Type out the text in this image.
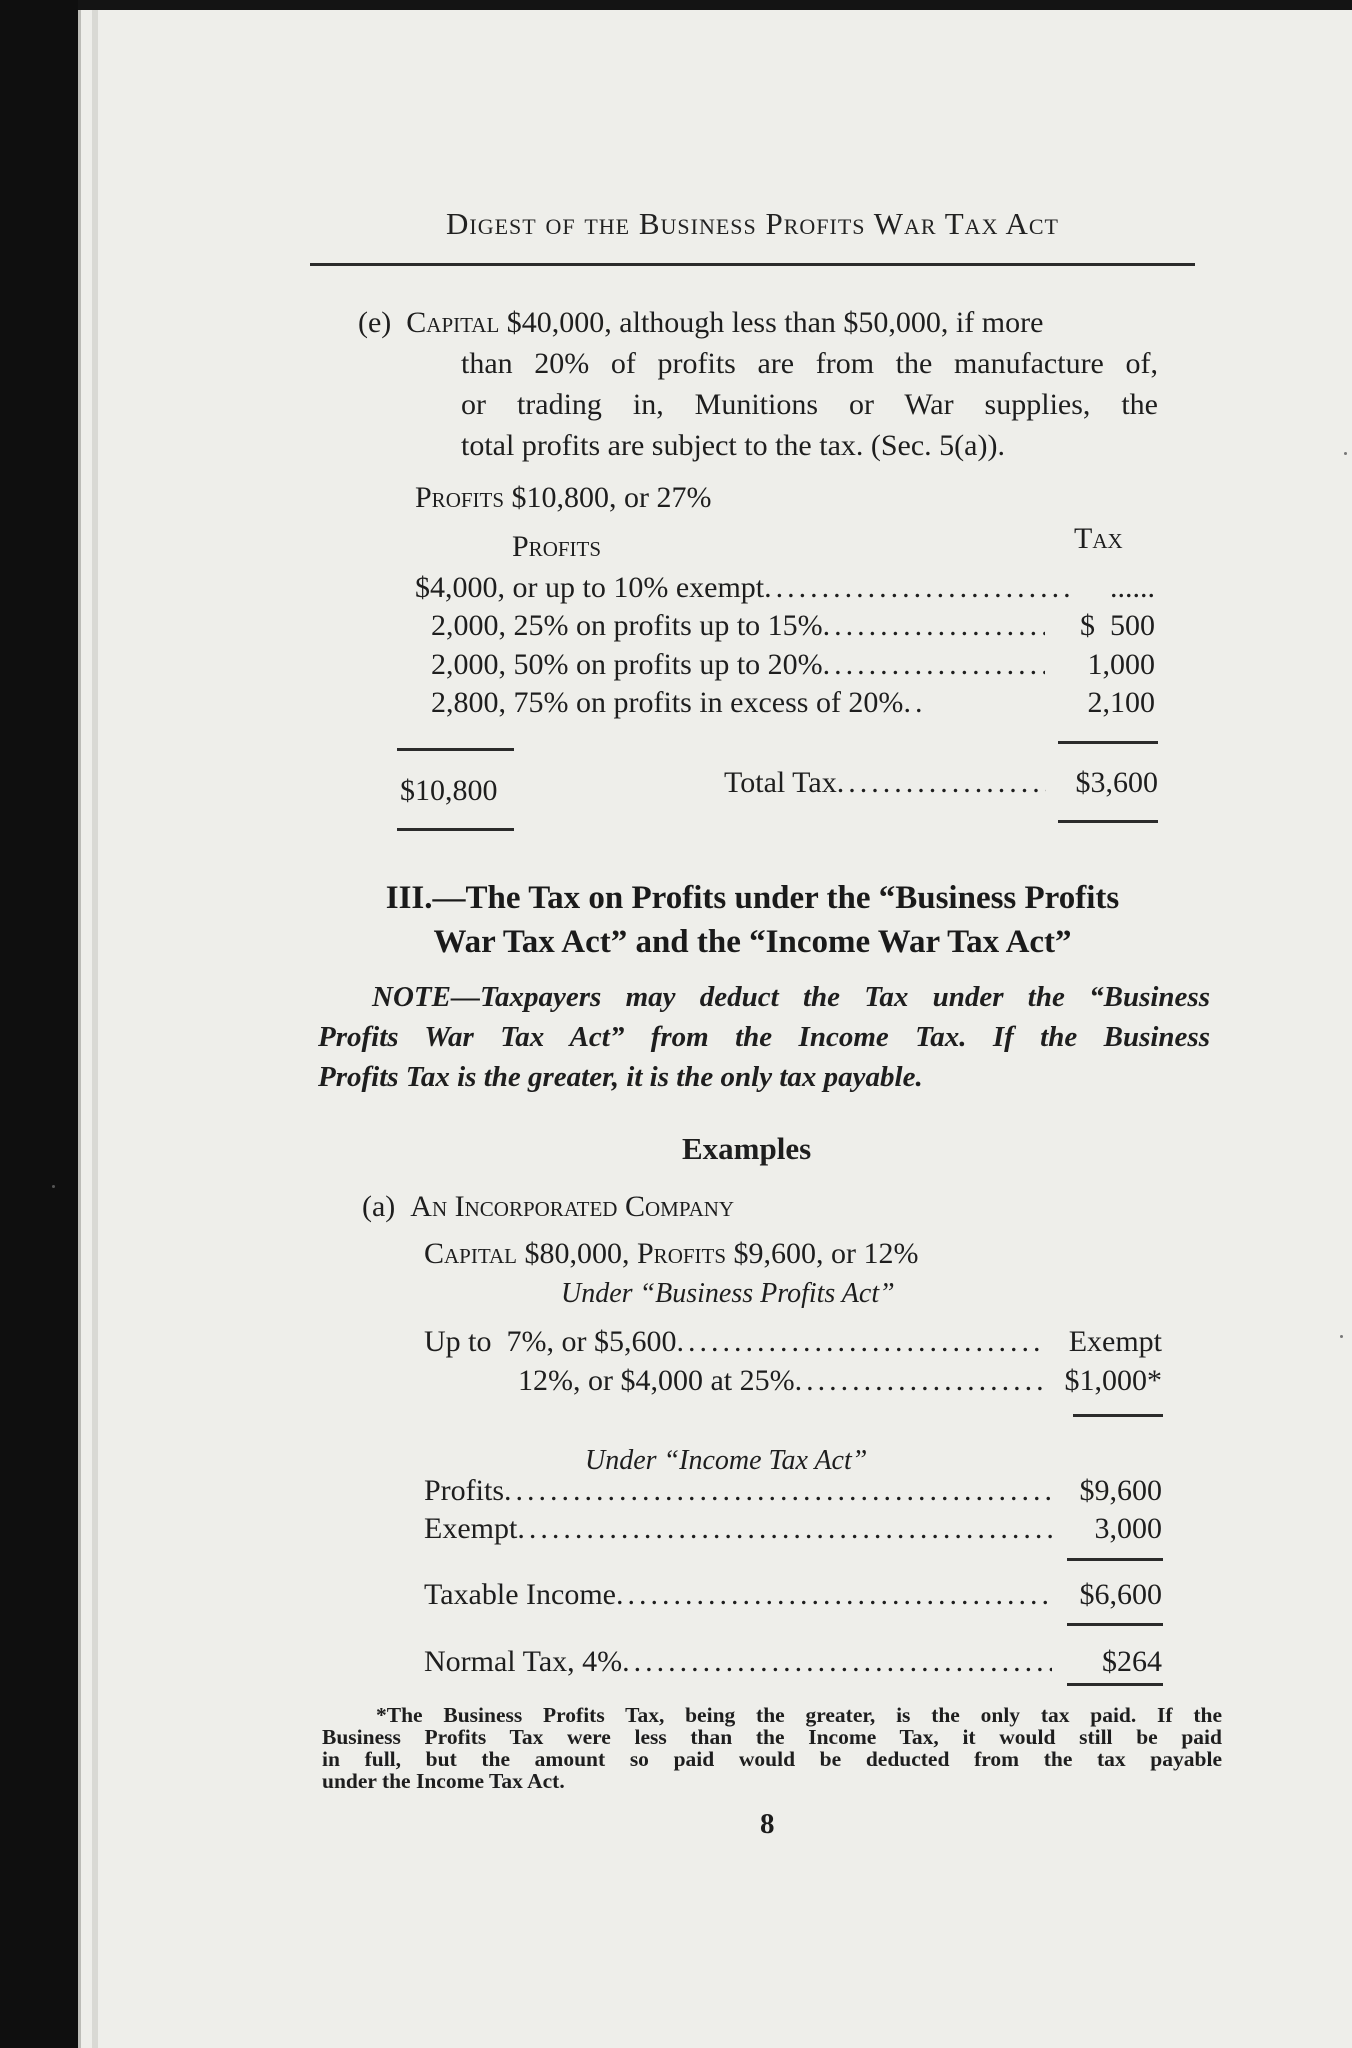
Digest of the Business Profits War Tax Act
(e) Capital $40,000, although less than $50,000, if more
than 20% of profits are from the manufacture of,
or trading in, Munitions or War supplies, the
total profits are subject to the tax. (Sec. 5(a)).
Profits $10,800, or 27%
Profits	Tax
$4,000, or up to 10% exempt .....	......
2,000, 25% on profits up to 15% .....	$  500
2,000, 50% on profits up to 20% .....	1,000
2,800, 75% on profits in excess of 20% .....	2,100
$10,800	Total Tax .....	$3,600
III.—The Tax on Profits under the “Business Profits
War Tax Act” and the “Income War Tax Act”
NOTE—Taxpayers may deduct the Tax under the “Business
Profits War Tax Act” from the Income Tax. If the Business
Profits Tax is the greater, it is the only tax payable.
Examples
(a) An Incorporated Company
Capital $80,000, Profits $9,600, or 12%
Under “Business Profits Act”
Up to  7%, or $5,600 .....	Exempt
12%, or $4,000 at 25% .....	$1,000*
Under “Income Tax Act”
Profits .....	$9,600
Exempt .....	3,000
Taxable Income .....	$6,600
Normal Tax, 4% .....	$264
*The Business Profits Tax, being the greater, is the only tax paid. If the
Business Profits Tax were less than the Income Tax, it would still be paid
in full, but the amount so paid would be deducted from the tax payable
under the Income Tax Act.
8
